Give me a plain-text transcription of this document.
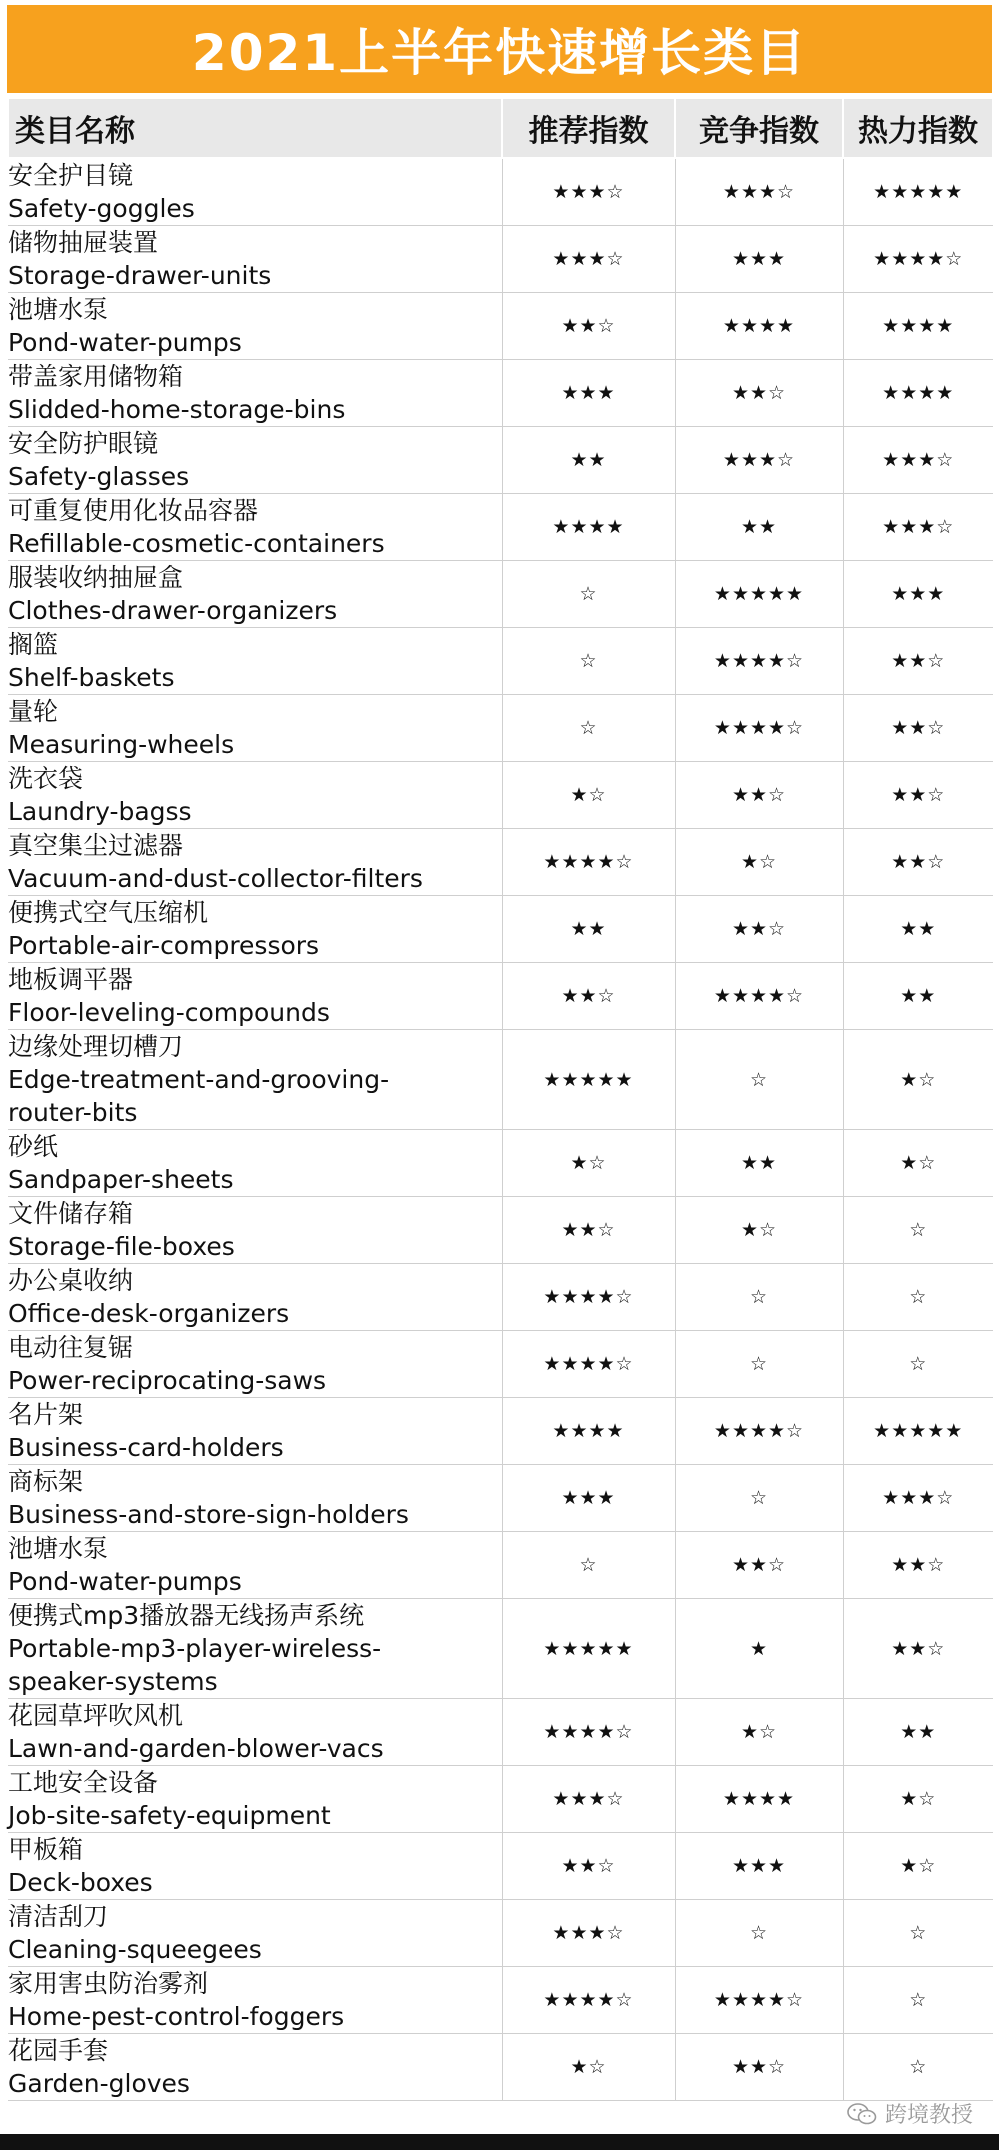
2021上半年快速增长类目
类目名称	推荐指数	竞争指数	热力指数

安全护目镜
Safety-goggles	★★★☆	★★★☆	★★★★★

储物抽屉装置
Storage-drawer-units	★★★☆	★★★	★★★★☆

池塘水泵
Pond-water-pumps	★★☆	★★★★	★★★★

带盖家用储物箱
Slidded-home-storage-bins	★★★	★★☆	★★★★

安全防护眼镜
Safety-glasses	★★	★★★☆	★★★☆

可重复使用化妆品容器
Refillable-cosmetic-containers	★★★★	★★	★★★☆

服装收纳抽屉盒
Clothes-drawer-organizers	☆	★★★★★	★★★

搁篮
Shelf-baskets	☆	★★★★☆	★★☆

量轮
Measuring-wheels	☆	★★★★☆	★★☆

洗衣袋
Laundry-bagss	★☆	★★☆	★★☆

真空集尘过滤器
Vacuum-and-dust-collector-filters	★★★★☆	★☆	★★☆

便携式空气压缩机
Portable-air-compressors	★★	★★☆	★★

地板调平器
Floor-leveling-compounds	★★☆	★★★★☆	★★

边缘处理切槽刀
Edge-treatment-and-grooving-
router-bits	★★★★★	☆	★☆

砂纸
Sandpaper-sheets	★☆	★★	★☆

文件储存箱
Storage-file-boxes	★★☆	★☆	☆

办公桌收纳
Office-desk-organizers	★★★★☆	☆	☆

电动往复锯
Power-reciprocating-saws	★★★★☆	☆	☆

名片架
Business-card-holders	★★★★	★★★★☆	★★★★★

商标架
Business-and-store-sign-holders	★★★	☆	★★★☆

池塘水泵
Pond-water-pumps	☆	★★☆	★★☆

便携式mp3播放器无线扬声系统
Portable-mp3-player-wireless-
speaker-systems	★★★★★	★	★★☆

花园草坪吹风机
Lawn-and-garden-blower-vacs	★★★★☆	★☆	★★

工地安全设备
Job-site-safety-equipment	★★★☆	★★★★	★☆

甲板箱
Deck-boxes	★★☆	★★★	★☆

清洁刮刀
Cleaning-squeegees	★★★☆	☆	☆

家用害虫防治雾剂
Home-pest-control-foggers	★★★★☆	★★★★☆	☆

花园手套
Garden-gloves	★☆	★★☆	☆
跨境教授
